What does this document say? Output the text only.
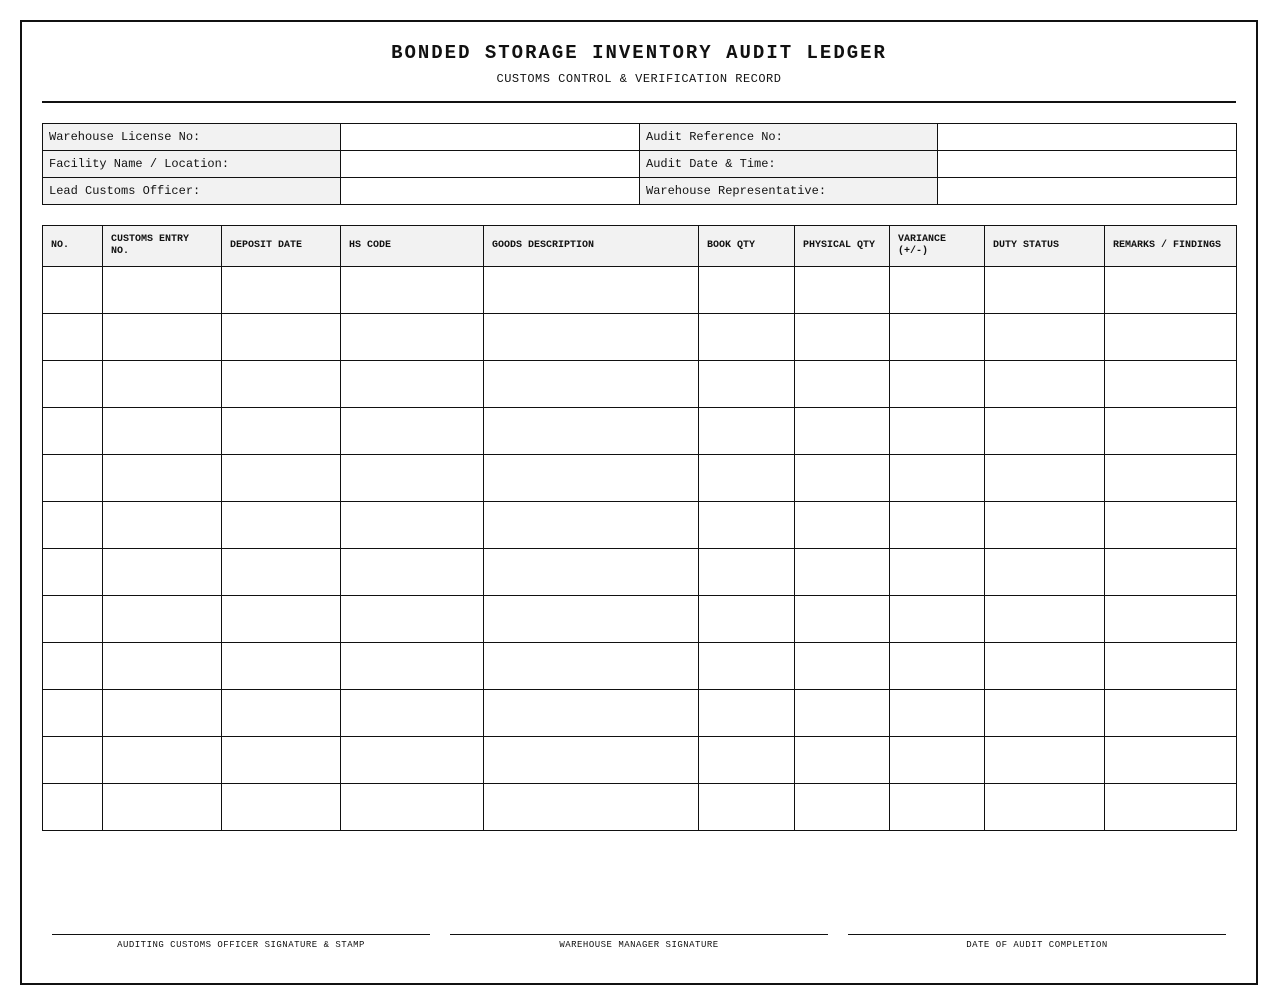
BONDED STORAGE INVENTORY AUDIT LEDGER
CUSTOMS CONTROL & VERIFICATION RECORD
Warehouse License No:		Audit Reference No:	
Facility Name / Location:		Audit Date & Time:	
Lead Customs Officer:		Warehouse Representative:	
NO.	CUSTOMS ENTRY NO.	DEPOSIT DATE	HS CODE	GOODS DESCRIPTION	BOOK QTY	PHYSICAL QTY	VARIANCE (+/-)	DUTY STATUS	REMARKS / FINDINGS

AUDITING CUSTOMS OFFICER SIGNATURE & STAMP	WAREHOUSE MANAGER SIGNATURE	DATE OF AUDIT COMPLETION
